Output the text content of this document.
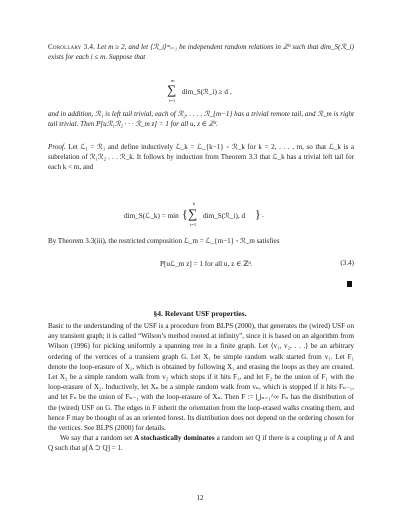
Corollary 3.4. Let m ≥ 2, and let ⟨ℛ_i⟩ᵐᵢ₌₁ be independent random relations in ℤᵈ such that dim_S(ℛ_i) exists for each i ≤ m. Suppose that

m
∑
i=1
dim_S(ℛ_i) ≥ d ,

and in addition, ℛ₁ is left tail trivial, each of ℛ₂, . . . , ℛ_{m−1} has a trivial remote tail, and ℛ_m is right tail trivial. Then P[uℛ₁ℛ₂ · · · ℛ_m z] = 1 for all u, z ∈ ℤᵈ.

Proof. Let ℒ₁ = ℛ₁ and define inductively ℒ_k = ℒ_{k−1} ◦ ℛ_k for k = 2, . . . , m, so that ℒ_k is a subrelation of ℛ₁ℛ₂ . . . ℛ_k. It follows by induction from Theorem 3.3 that ℒ_k has a trivial left tail for each k < m, and

dim_S(ℒ_k) = min {
k
∑
i=1
dim_S(ℛ_i), d } .

By Theorem 3.3(iii), the restricted composition ℒ_m = ℒ_{m−1} ◦ ℛ_m satisfies

P[uℒ_m z] = 1 for all u, z ∈ ℤᵈ.	(3.4)
§4. Relevant USF properties.

Basic to the understanding of the USF is a procedure from BLPS (2000), that generates the (wired) USF on any transient graph; it is called “Wilson’s method rooted at infinity”, since it is based on an algorithm from Wilson (1996) for picking uniformly a spanning tree in a finite graph. Let ⟨v₁, v₂, . . .⟩ be an arbitrary ordering of the vertices of a transient graph G. Let X₁ be simple random walk started from v₁. Let F₁ denote the loop-erasure of X₁, which is obtained by following X₁ and erasing the loops as they are created. Let X₂ be a simple random walk from v₂ which stops if it hits F₁, and let F₂ be the union of F₁ with the loop-erasure of X₂. Inductively, let Xₙ be a simple random walk from vₙ, which is stopped if it hits Fₙ₋₁, and let Fₙ be the union of Fₙ₋₁ with the loop-erasure of Xₙ. Then F := ⋃ₙ₌₁^∞ Fₙ has the distribution of the (wired) USF on G. The edges in F inherit the orientation from the loop-erased walks creating them, and hence F may be thought of as an oriented forest. Its distribution does not depend on the ordering chosen for the vertices. See BLPS (2000) for details.

We say that a random set A stochastically dominates a random set Q if there is a coupling μ of A and Q such that μ[A ⊃ Q] = 1.

12
